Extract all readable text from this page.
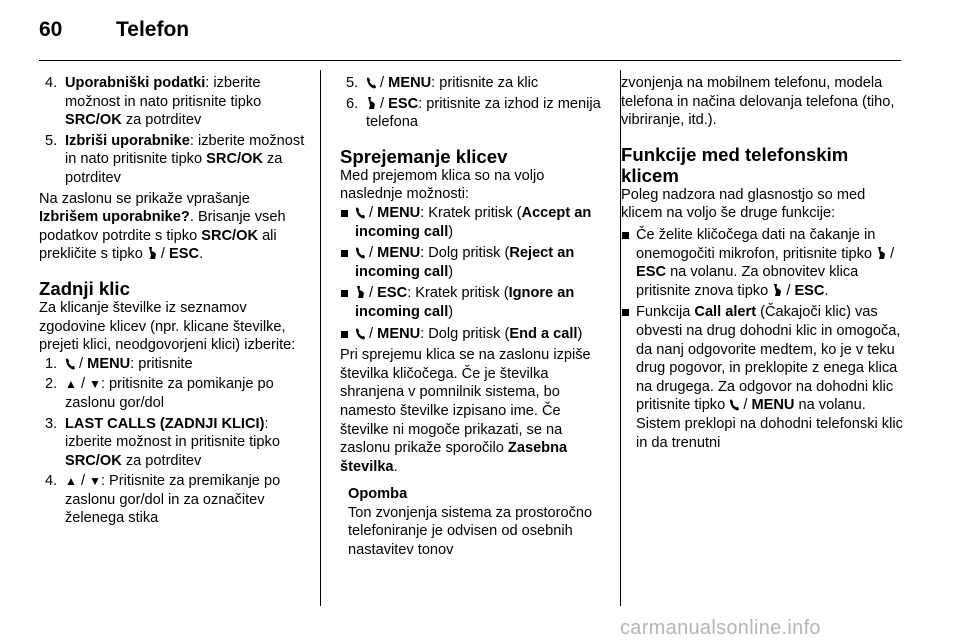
60	Telefon
4. Uporabniški podatki: izberite možnost in nato pritisnite tipko SRC/OK za potrditev
5. Izbriši uporabnike: izberite možnost in nato pritisnite tipko SRC/OK za potrditev

Na zaslonu se prikaže vprašanje Izbrišem uporabnike?. Brisanje vseh podatkov potrdite s tipko SRC/OK ali prekličite s tipko
/ ESC.

Zadnji klic

Za klicanje številke iz seznamov zgodovine klicev (npr. klicane številke, prejeti klici, neodgovorjeni klici) izberite:

1. / MENU: pritisnite
2. ▲ / ▼: pritisnite za pomikanje po zaslonu gor/dol
3. LAST CALLS (ZADNJI KLICI): izberite možnost in pritisnite tipko SRC/OK za potrditev
4. ▲ / ▼: Pritisnite za premikanje po zaslonu gor/dol in za označitev želenega stika
5. / MENU: pritisnite za klic
6. / ESC: pritisnite za izhod iz menija telefona
Sprejemanje klicev

Med prejemom klica so na voljo naslednje možnosti:

/ MENU: Kratek pritisk (Accept an incoming call)
/ MENU: Dolg pritisk (Reject an incoming call)
/ ESC: Kratek pritisk (Ignore an incoming call)
/ MENU: Dolg pritisk (End a call)

Pri sprejemu klica se na zaslonu izpiše številka kličočega. Če je številka shranjena v pomnilnik sistema, bo namesto številke izpisano ime. Če številke ni mogoče prikazati, se na zaslonu prikaže sporočilo Zasebna številka.

Opomba

Ton zvonjenja sistema za prostoročno telefoniranje je odvisen od osebnih nastavitev tonov

zvonjenja na mobilnem telefonu, modela telefona in načina delovanja telefona (tiho, vibriranje, itd.).

Funkcije med telefonskim klicem

Poleg nadzora nad glasnostjo so med klicem na voljo še druge funkcije:

Če želite kličočega dati na čakanje in onemogočiti mikrofon, pritisnite tipko
/ ESC na volanu. Za obnovitev klica pritisnite znova tipko
/ ESC.
Funkcija Call alert (Čakajoči klic) vas obvesti na drug dohodni klic in omogoča, da nanj odgovorite medtem, ko je v teku drug pogovor, in preklopite z enega klica na drugega. Za odgovor na dohodni klic pritisnite tipko
/ MENU na volanu. Sistem preklopi na dohodni telefonski klic in da trenutni
carmanualsonline.info
